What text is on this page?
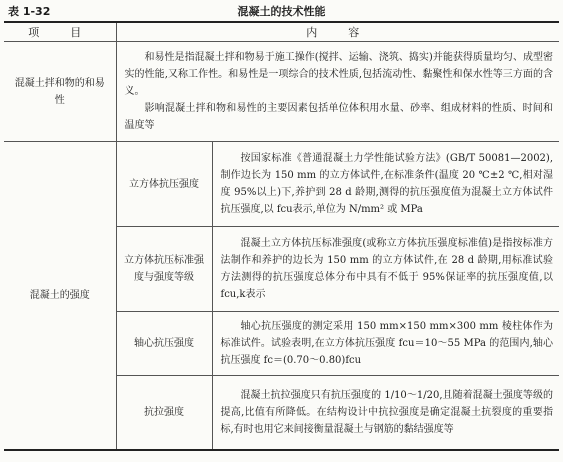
表 1-32	混凝土的技术性能
项　目	内　容	
混凝土拌和物的和易性	和易性是指混凝土拌和物易于施工操作(搅拌、运输、浇筑、捣实)并能获得质量均匀、成型密实的性能,又称工作性。和易性是一项综合的技术性质,包括流动性、黏聚性和保水性等三方面的含义。

影响混凝土拌和物和易性的主要因素包括单位体积用水量、砂率、组成材料的性质、时间和温度等	

混凝土的强度	立方体抗压强度	按国家标准《普通混凝土力学性能试验方法》(GB/T 50081—2002),制作边长为 150 mm 的立方体试件,在标准条件(温度 20 ℃±2 ℃,相对湿度 95%以上)下,养护到 28 d 龄期,测得的抗压强度值为混凝土立方体试件抗压强度,以 fcu表示,单位为 N/mm² 或 MPa

	立方体抗压标准强度与强度等级	混凝土立方体抗压标准强度(或称立方体抗压强度标准值)是指按标准方法制作和养护的边长为 150 mm 的立方体试件,在 28 d 龄期,用标准试验方法测得的抗压强度总体分布中具有不低于 95%保证率的抗压强度值,以 fcu,k表示

	轴心抗压强度	轴心抗压强度的测定采用 150 mm×150 mm×300 mm 棱柱体作为标准试件。试验表明,在立方体抗压强度 fcu＝10～55 MPa 的范围内,轴心抗压强度 fc＝(0.70～0.80)fcu

	抗拉强度	混凝土抗拉强度只有抗压强度的 1/10～1/20,且随着混凝土强度等级的提高,比值有所降低。在结构设计中抗拉强度是确定混凝土抗裂度的重要指标,有时也用它来间接衡量混凝土与钢筋的黏结强度等
